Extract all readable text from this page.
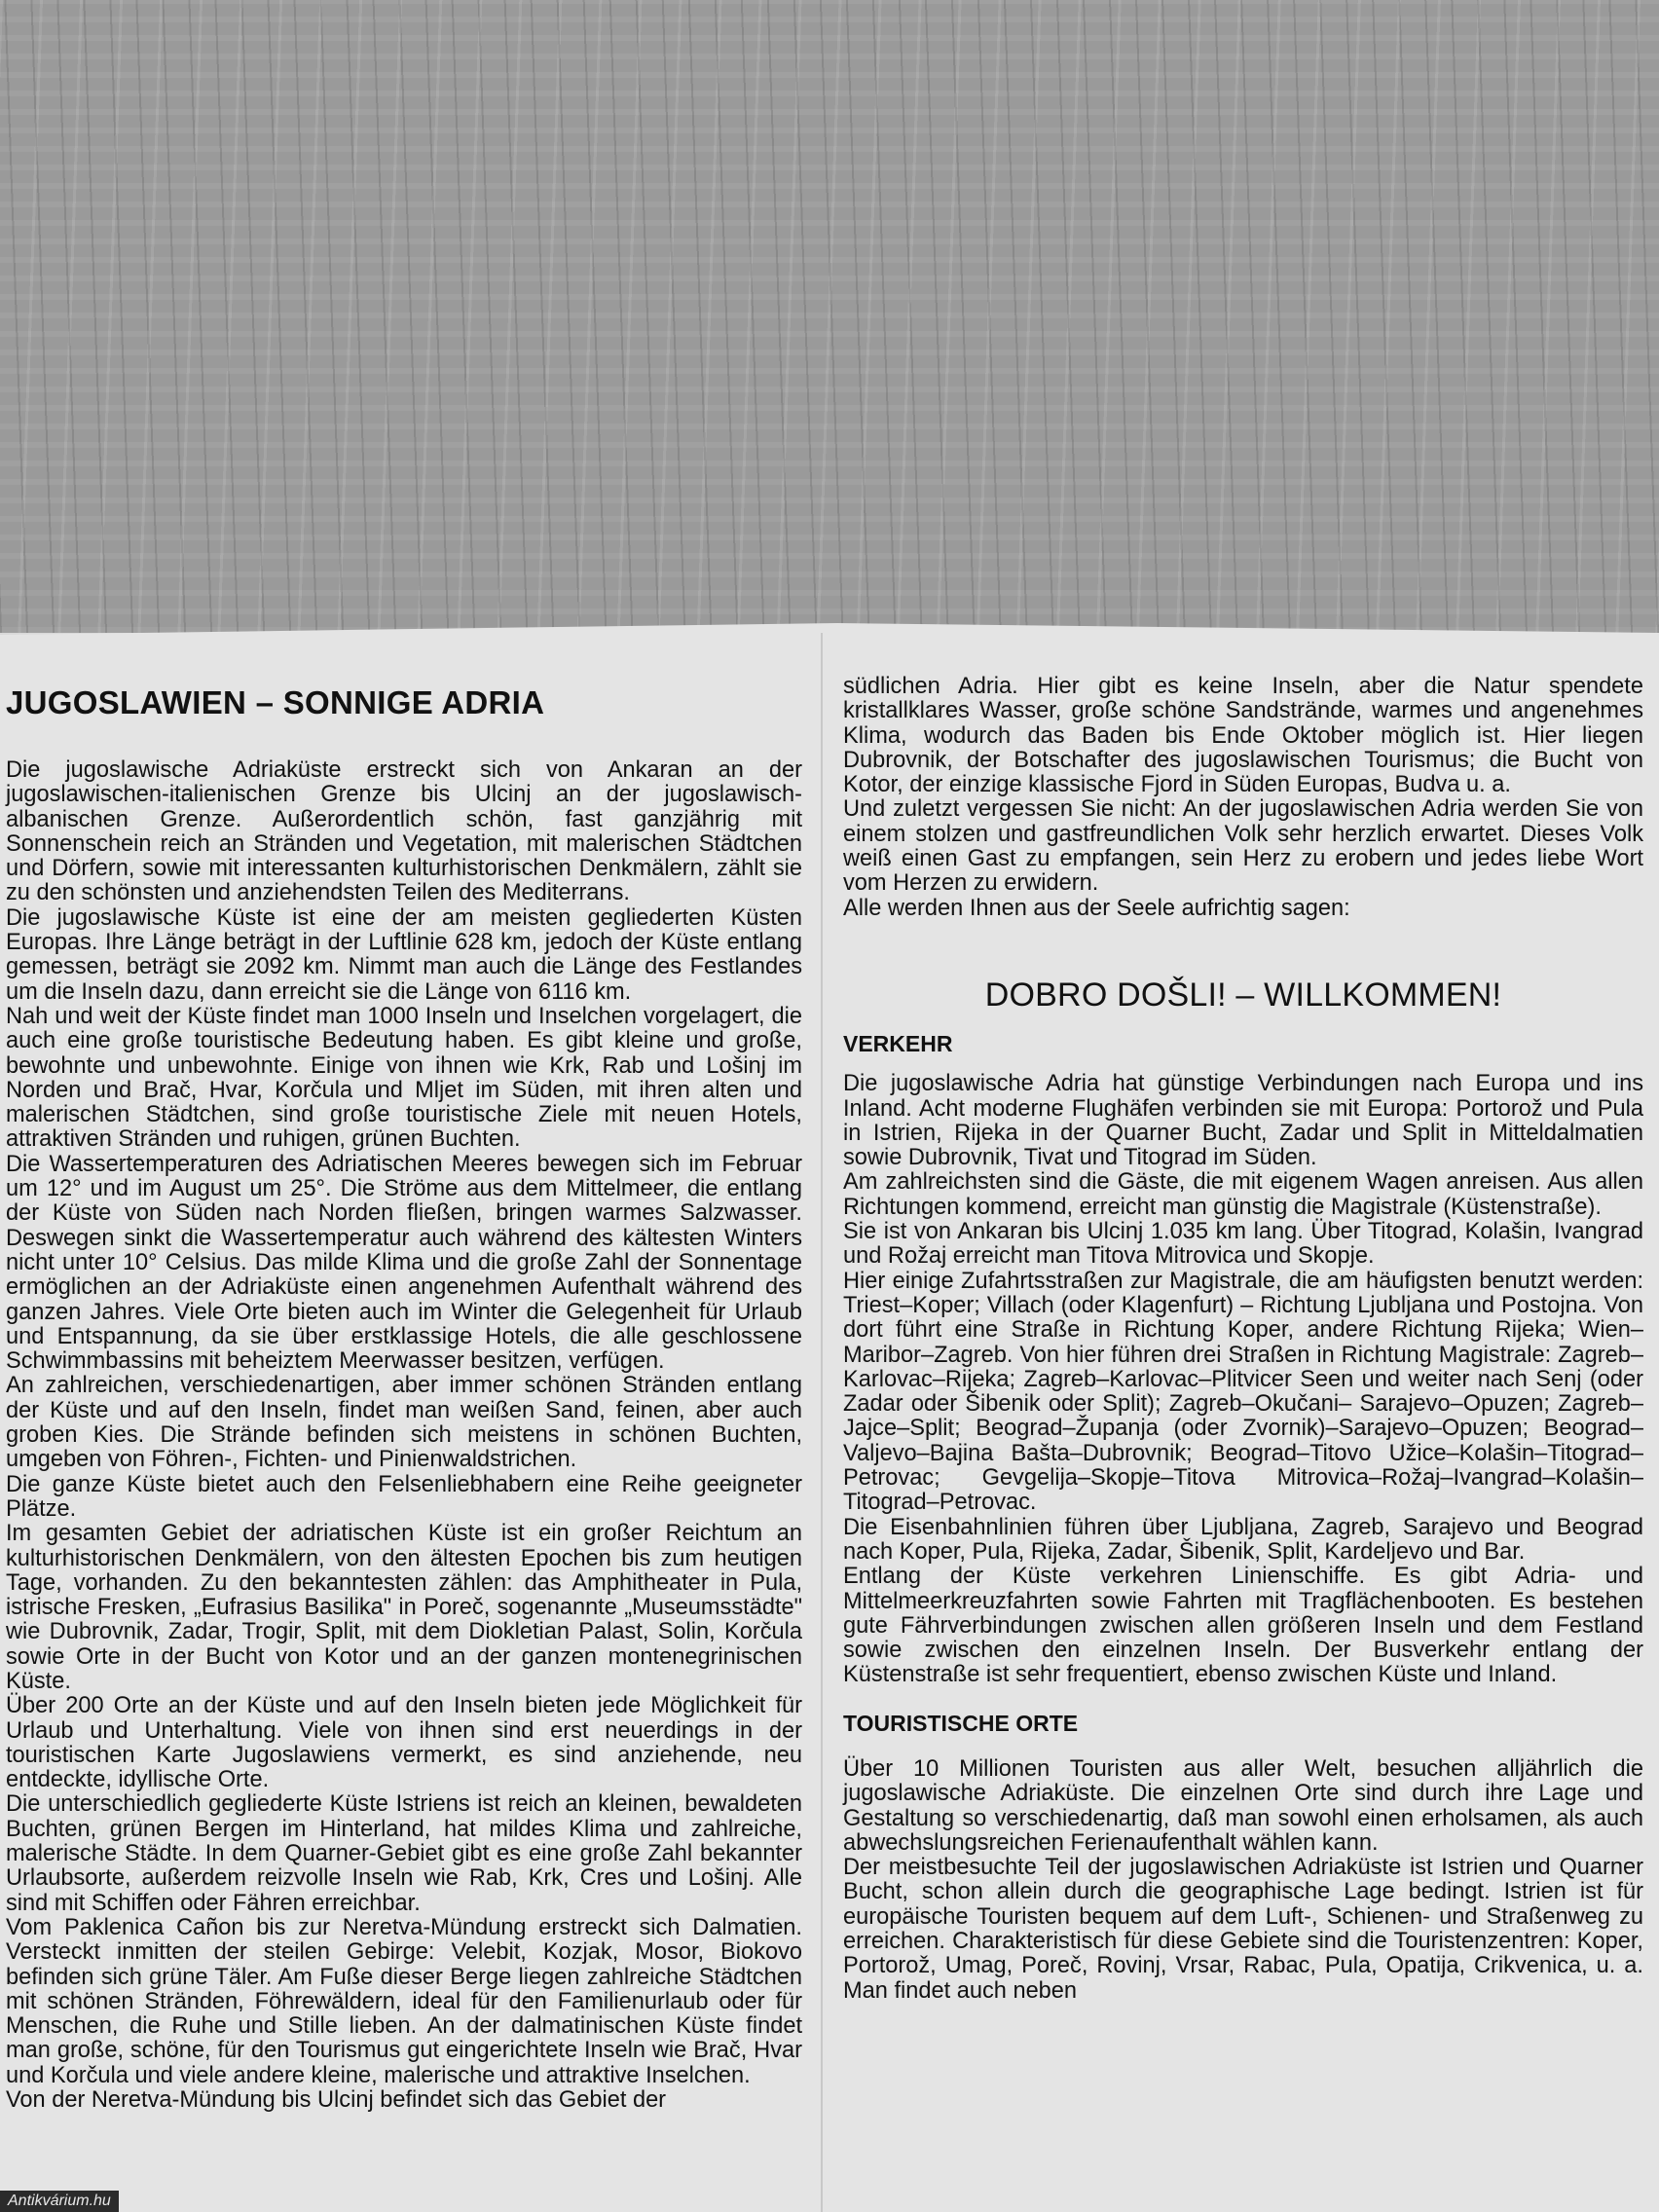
JUGOSLAWIEN – SONNIGE ADRIA

Die jugoslawische Adriaküste erstreckt sich von Ankaran an der jugoslawischen-italienischen Grenze bis Ulcinj an der jugoslawisch-albanischen Grenze. Außerordentlich schön, fast ganzjährig mit Sonnenschein reich an Stränden und Vegetation, mit malerischen Städtchen und Dörfern, sowie mit interessanten kulturhistorischen Denkmälern, zählt sie zu den schönsten und anziehendsten Teilen des Mediterrans.

Die jugoslawische Küste ist eine der am meisten gegliederten Küsten Europas. Ihre Länge beträgt in der Luftlinie 628 km, jedoch der Küste entlang gemessen, beträgt sie 2092 km. Nimmt man auch die Länge des Festlandes um die Inseln dazu, dann erreicht sie die Länge von 6116 km.

Nah und weit der Küste findet man 1000 Inseln und Inselchen vorgelagert, die auch eine große touristische Bedeutung haben. Es gibt kleine und große, bewohnte und unbewohnte. Einige von ihnen wie Krk, Rab und Lošinj im Norden und Brač, Hvar, Korčula und Mljet im Süden, mit ihren alten und malerischen Städtchen, sind große touristische Ziele mit neuen Hotels, attraktiven Stränden und ruhigen, grünen Buchten.

Die Wassertemperaturen des Adriatischen Meeres bewegen sich im Februar um 12° und im August um 25°. Die Ströme aus dem Mittelmeer, die entlang der Küste von Süden nach Norden fließen, bringen warmes Salzwasser. Deswegen sinkt die Wassertemperatur auch während des kältesten Winters nicht unter 10° Celsius. Das milde Klima und die große Zahl der Sonnentage ermöglichen an der Adriaküste einen angenehmen Aufenthalt während des ganzen Jahres. Viele Orte bieten auch im Winter die Gelegenheit für Urlaub und Entspannung, da sie über erstklassige Hotels, die alle geschlossene Schwimmbassins mit beheiztem Meerwasser besitzen, verfügen.

An zahlreichen, verschiedenartigen, aber immer schönen Stränden entlang der Küste und auf den Inseln, findet man weißen Sand, feinen, aber auch groben Kies. Die Strände befinden sich meistens in schönen Buchten, umgeben von Föhren-, Fichten- und Pinienwaldstrichen.

Die ganze Küste bietet auch den Felsenliebhabern eine Reihe geeigneter Plätze.

Im gesamten Gebiet der adriatischen Küste ist ein großer Reichtum an kulturhistorischen Denkmälern, von den ältesten Epochen bis zum heutigen Tage, vorhanden. Zu den bekanntesten zählen: das Amphitheater in Pula, istrische Fresken, „Eufrasius Basilika" in Poreč, sogenannte „Museumsstädte" wie Dubrovnik, Zadar, Trogir, Split, mit dem Diokletian Palast, Solin, Korčula sowie Orte in der Bucht von Kotor und an der ganzen montenegrinischen Küste.

Über 200 Orte an der Küste und auf den Inseln bieten jede Möglichkeit für Urlaub und Unterhaltung. Viele von ihnen sind erst neuerdings in der touristischen Karte Jugoslawiens vermerkt, es sind anziehende, neu entdeckte, idyllische Orte.

Die unterschiedlich gegliederte Küste Istriens ist reich an kleinen, bewaldeten Buchten, grünen Bergen im Hinterland, hat mildes Klima und zahlreiche, malerische Städte. In dem Quarner-Gebiet gibt es eine große Zahl bekannter Urlaubsorte, außerdem reizvolle Inseln wie Rab, Krk, Cres und Lošinj. Alle sind mit Schiffen oder Fähren erreichbar.

Vom Paklenica Cañon bis zur Neretva-Mündung erstreckt sich Dalmatien. Versteckt inmitten der steilen Gebirge: Velebit, Kozjak, Mosor, Biokovo befinden sich grüne Täler. Am Fuße dieser Berge liegen zahlreiche Städtchen mit schönen Stränden, Föhrewäldern, ideal für den Familienurlaub oder für Menschen, die Ruhe und Stille lieben. An der dalmatinischen Küste findet man große, schöne, für den Tourismus gut eingerichtete Inseln wie Brač, Hvar und Korčula und viele andere kleine, malerische und attraktive Inselchen.

Von der Neretva-Mündung bis Ulcinj befindet sich das Gebiet der

südlichen Adria. Hier gibt es keine Inseln, aber die Natur spendete kristallklares Wasser, große schöne Sandstrände, warmes und angenehmes Klima, wodurch das Baden bis Ende Oktober möglich ist. Hier liegen Dubrovnik, der Botschafter des jugoslawischen Tourismus; die Bucht von Kotor, der einzige klassische Fjord in Süden Europas, Budva u. a.

Und zuletzt vergessen Sie nicht: An der jugoslawischen Adria werden Sie von einem stolzen und gastfreundlichen Volk sehr herzlich erwartet. Dieses Volk weiß einen Gast zu empfangen, sein Herz zu erobern und jedes liebe Wort vom Herzen zu erwidern.

Alle werden Ihnen aus der Seele aufrichtig sagen:

DOBRO DOŠLI! – WILLKOMMEN!

VERKEHR

Die jugoslawische Adria hat günstige Verbindungen nach Europa und ins Inland. Acht moderne Flughäfen verbinden sie mit Europa: Portorož und Pula in Istrien, Rijeka in der Quarner Bucht, Zadar und Split in Mitteldalmatien sowie Dubrovnik, Tivat und Titograd im Süden.

Am zahlreichsten sind die Gäste, die mit eigenem Wagen anreisen. Aus allen Richtungen kommend, erreicht man günstig die Magistrale (Küstenstraße).

Sie ist von Ankaran bis Ulcinj 1.035 km lang. Über Titograd, Kolašin, Ivangrad und Rožaj erreicht man Titova Mitrovica und Skopje.

Hier einige Zufahrtsstraßen zur Magistrale, die am häufigsten benutzt werden: Triest–Koper; Villach (oder Klagenfurt) – Richtung Ljubljana und Postojna. Von dort führt eine Straße in Richtung Koper, andere Richtung Rijeka; Wien–Maribor–Zagreb. Von hier führen drei Straßen in Richtung Magistrale: Zagreb–Karlovac–Rijeka; Zagreb–Karlovac–Plitvicer Seen und weiter nach Senj (oder Zadar oder Šibenik oder Split); Zagreb–Okučani– Sarajevo–Opuzen; Zagreb–Jajce–Split; Beograd–Županja (oder Zvornik)–Sarajevo–Opuzen; Beograd–Valjevo–Bajina Bašta–Dubrovnik; Beograd–Titovo Užice–Kolašin–Titograd–Petrovac; Gevgelija–Skopje–Titova Mitrovica–Rožaj–Ivangrad–Kolašin–Titograd–Petrovac.

Die Eisenbahnlinien führen über Ljubljana, Zagreb, Sarajevo und Beograd nach Koper, Pula, Rijeka, Zadar, Šibenik, Split, Kardeljevo und Bar.

Entlang der Küste verkehren Linienschiffe. Es gibt Adria- und Mittelmeerkreuzfahrten sowie Fahrten mit Tragflächenbooten. Es bestehen gute Fährverbindungen zwischen allen größeren Inseln und dem Festland sowie zwischen den einzelnen Inseln. Der Busverkehr entlang der Küstenstraße ist sehr frequentiert, ebenso zwischen Küste und Inland.

TOURISTISCHE ORTE

Über 10 Millionen Touristen aus aller Welt, besuchen alljährlich die jugoslawische Adriaküste. Die einzelnen Orte sind durch ihre Lage und Gestaltung so verschiedenartig, daß man sowohl einen erholsamen, als auch abwechslungsreichen Ferienaufenthalt wählen kann.

Der meistbesuchte Teil der jugoslawischen Adriaküste ist Istrien und Quarner Bucht, schon allein durch die geographische Lage bedingt. Istrien ist für europäische Touristen bequem auf dem Luft-, Schienen- und Straßenweg zu erreichen. Charakteristisch für diese Gebiete sind die Touristenzentren: Koper, Portorož, Umag, Poreč, Rovinj, Vrsar, Rabac, Pula, Opatija, Crikvenica, u. a. Man findet auch neben

Antikvárium.hu
